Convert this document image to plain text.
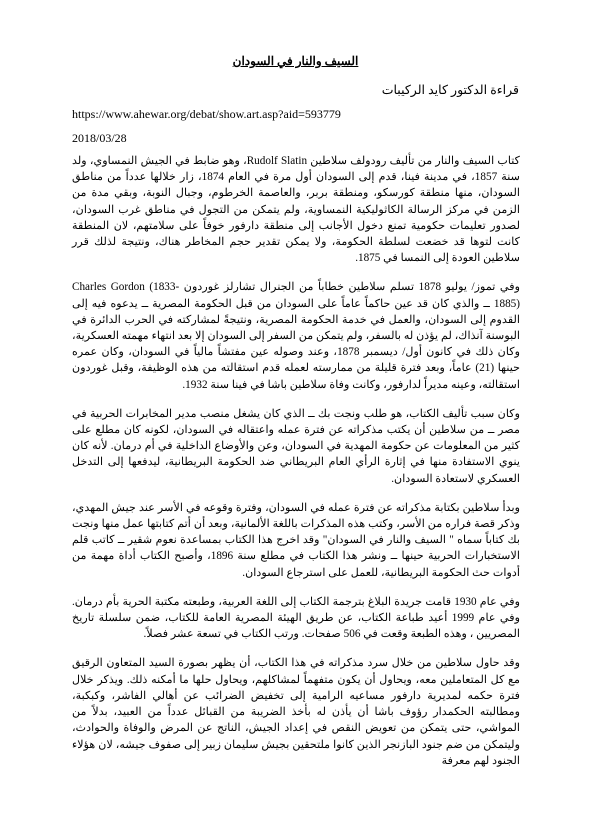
السيف والنار في السودان

قراءة الدكتور كايد الركيبات

https://www.ahewar.org/debat/show.art.asp?aid=593779

2018/03/28

كتاب السيف والنار من تأليف رودولف سلاطين Rudolf Slatin، وهو ضابط في الجيش النمساوي، ولد سنة 1857، في مدينة فينا، قدم إلى السودان أول مرة في العام 1874، زار خلالها عدداً من مناطق السودان، منها منطقة كورسكو، ومنطقة بربر، والعاصمة الخرطوم، وجبال النوبة، وبقي مدة من الزمن في مركز الرسالة الكاثوليكية النمساوية، ولم يتمكن من التجول في مناطق غرب السودان، لصدور تعليمات حكومية تمنع دخول الأجانب إلى منطقة دارفور خوفاً على سلامتهم، لان المنطقة كانت لتوها قد خضعت لسلطة الحكومة، ولا يمكن تقدير حجم المخاطر هناك، ونتيجة لذلك قرر سلاطين العودة إلى النمسا في 1875.

وفي تموز/ يوليو 1878 تسلم سلاطين خطاباً من الجنرال تشارلز غوردون Charles Gordon (1833- 1885) ــ والذي كان قد عين حاكماً عاماً على السودان من قبل الحكومة المصرية ــ يدعوه فيه إلى القدوم إلى السودان، والعمل في خدمة الحكومة المصرية، ونتيجةً لمشاركته في الحرب الدائرة في البوسنة آنذاك، لم يؤذن له بالسفر، ولم يتمكن من السفر إلى السودان إلا بعد انتهاء مهمته العسكرية، وكان ذلك في كانون أول/ ديسمبر 1878، وعند وصوله عين مفتشاً مالياً في السودان، وكان عمره حينها (21) عاماً، وبعد فترة قليلة من ممارسته لعمله قدم استقالته من هذه الوظيفة، وقبل غوردون استقالته، وعينه مديراً لدارفور، وكانت وفاة سلاطين باشا في فينا سنة 1932.

وكان سبب تأليف الكتاب، هو طلب ونجت بك ــ الذي كان يشغل منصب مدير المخابرات الحربية في مصر ــ من سلاطين أن يكتب مذكراته عن فترة عمله واعتقاله في السودان، لكونه كان مطلع على كثير من المعلومات عن حكومة المهدية في السودان، وعن والأوضاع الداخلية في أم درمان. لأنه كان ينوي الاستفادة منها في إثارة الرأي العام البريطاني ضد الحكومة البريطانية، ليدفعها إلى التدخل العسكري لاستعادة السودان.

وبدأ سلاطين بكتابة مذكراته عن فترة عمله في السودان، وفترة وقوعه في الأسر عند جيش المهدي، وذكر قصة فراره من الأسر، وكتب هذه المذكرات باللغة الألمانية، وبعد أن أتم كتابتها عمل منها ونجت بك كتاباً سماه " السيف والنار في السودان" وقد اخرج هذا الكتاب بمساعدة نعوم شقير ــ كاتب قلم الاستخبارات الحربية حينها ــ ونشر هذا الكتاب في مطلع سنة 1896، وأصبح الكتاب أداة مهمة من أدوات حث الحكومة البريطانية، للعمل على استرجاع السودان.

وفي عام 1930 قامت جريدة البلاغ بترجمة الكتاب إلى اللغة العربية، وطبعته مكتبة الحرية بأم درمان. وفي عام 1999 أعيد طباعة الكتاب، عن طريق الهيئة المصرية العامة للكتاب، ضمن سلسلة تاريخ المصريين ، وهذه الطبعة وقعت في 506 صفحات. ورتب الكتاب في تسعة عشر فصلاً.

وقد حاول سلاطين من خلال سرد مذكراته في هذا الكتاب، أن يظهر بصورة السيد المتعاون الرقيق مع كل المتعاملين معه، ويحاول أن يكون متفهماً لمشاكلهم، ويحاول حلها ما أمكنه ذلك. ويذكر خلال فترة حكمه لمديرية دارفور مساعيه الرامية إلى تخفيض الضرائب عن أهالي الفاشر، وكبكبة، ومطالبته الحكمدار رؤوف باشا أن يأذن له بأخذ الضريبة من القبائل عدداً من العبيد، بدلاً من المواشي، حتى يتمكن من تعويض النقص في إعداد الجيش، الناتج عن المرض والوفاة والحوادث، وليتمكن من ضم جنود البازنجر الذين كانوا ملتحقين بجيش سليمان زبير إلى صفوف جيشه، لان هؤلاء الجنود لهم معرفة
